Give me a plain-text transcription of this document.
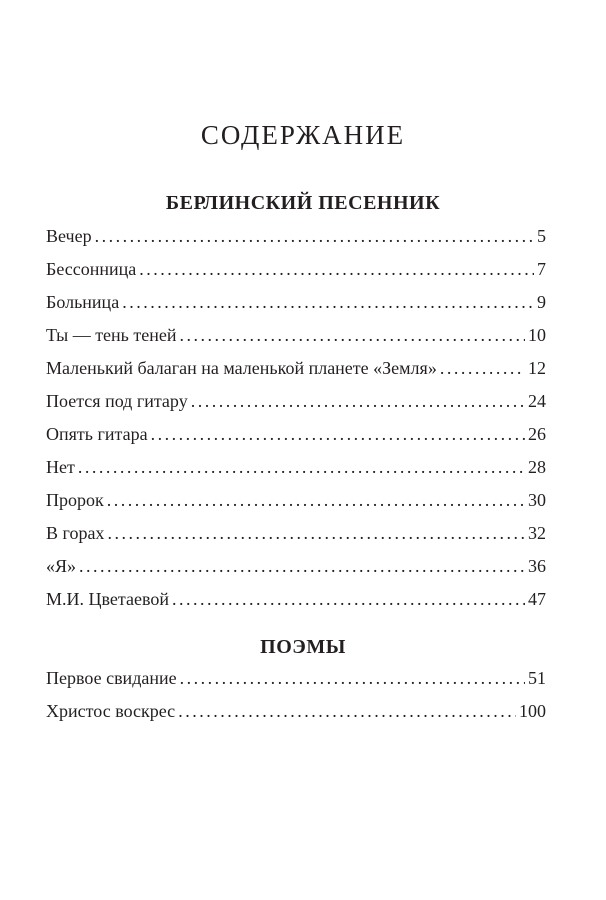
СОДЕРЖАНИЕ
БЕРЛИНСКИЙ ПЕСЕННИК
Вечер . . .	5
Бессонница . . .	7
Больница . . .	9
Ты — тень теней . . .	10
Маленький балаган на маленькой планете «Земля» . . .	12
Поется под гитару . . .	24
Опять гитара . . .	26
Нет . . .	28
Пророк . . .	30
В горах . . .	32
«Я» . . .	36
М.И. Цветаевой . . .	47
ПОЭМЫ
Первое свидание . . .	51
Христос воскрес . . .	100
